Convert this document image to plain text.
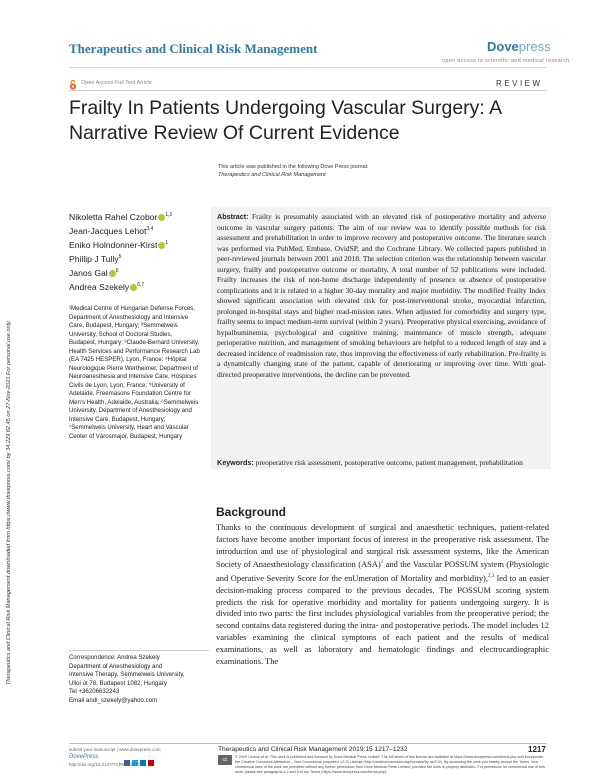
Therapeutics and Clinical Risk Management downloaded from https://www.dovepress.com/ by 34.229.62.45 on 27-Nov-2021 For personal use only.
Therapeutics and Clinical Risk Management	Dovepress
open access to scientific and medical research
Open Access Full Text Article	REVIEW
Frailty In Patients Undergoing Vascular Surgery: A Narrative Review Of Current Evidence
This article was published in the following Dove Press journal:
Therapeutics and Clinical Risk Management
Nikoletta Rahel Czobor $^{1,2}$
Jean-Jacques Lehot$^{3,4}$
Eniko Holndonner-Kirst $^1$
Phillip J Tully$^5$
Janos Gal $^6$
Andrea Szekely $^{6,7}$
¹Medical Centre of Hungarian Defense Forces, Department of Anesthesiology and Intensive Care, Budapest, Hungary; ²Semmelweis University, School of Doctoral Studies, Budapest, Hungary; ³Claude-Bernard University, Health Services and Performance Research Lab (EA 7425 HESPER), Lyon, France; ⁴Hôpital Neurologique Pierre Wertheimer, Department of Neuroanesthesia and Intensive Care, Hospices Civils de Lyon, Lyon, France; ⁵University of Adelaide, Freemasons Foundation Centre for Men's Health, Adelaide, Australia; ⁶Semmelweis University, Department of Anesthesiology and Intensive Care, Budapest, Hungary; ⁷Semmelweis University, Heart and Vascular Center of Városmajor, Budapest, Hungary
Correspondence: Andrea Szekely
Department of Anesthesiology and
Intensive Therapy, Semmelweis University,
Ulloi út 78, Budapest 1082, Hungary
Tel +36206632243
Email andi_szekely@yahoo.com
Abstract: Frailty is presumably associated with an elevated risk of postoperative mortality and adverse outcome in vascular surgery patients. The aim of our review was to identify possible methods for risk assessment and prehabilitation in order to improve recovery and postoperative outcome. The literature search was performed via PubMed, Embase, OvidSP, and the Cochrane Library. We collected papers published in peer-reviewed journals between 2001 and 2018. The selection criterion was the relationship between vascular surgery, frailty and postoperative outcome or mortality. A total number of 52 publications were included. Frailty increases the risk of non-home discharge independently of presence or absence of postoperative complications and it is related to a higher 30-day mortality and major morbidity. The modified Frailty Index showed significant association with elevated risk for post-interventional stroke, myocardial infarction, prolonged in-hospital stays and higher read-mission rates. When adjusted for comorbidity and surgery type, frailty seems to impact medium-term survival (within 2 years). Preoperative physical exercising, avoidance of hypalbuminemia, psychological and cognitive training, maintenance of muscle strength, adequate perioperative nutrition, and management of smoking behaviours are helpful to a reduced length of stay and a decreased incidence of readmission rate, thus improving the effectiveness of early rehabilitation. Pre-frailty is a dynamically changing state of the patient, capable of deteriorating or improving over time. With goal-directed preoperative interventions, the decline can be prevented.
Keywords: preoperative risk assessment, postoperative outcome, patient management, prehabilitation
Background
Thanks to the continuous development of surgical and anaesthetic techniques, patient-related factors have become another important focus of interest in the preoperative risk assessment. The introduction and use of physiological and surgical risk assessment systems, like the American Society of Anaesthesiology classification (ASA)$^1$ and the Vascular POSSUM system (Physiologic and Operative Severity Score for the enUmeration of Mortality and morbidity),$^{2,3}$ led to an easier decision-making process compared to the previous decades. The POSSUM scoring system predicts the risk for operative morbidity and mortality for patients undergoing surgery. It is divided into two parts: the first includes physiological variables from the preoperative period; the second contains data registered during the intra- and postoperative periods. The model includes 12 variables examining the clinical symptoms of each patient and the results of medical examinations, as well as laboratory and hematologic findings and electrocardiographic examinations. The
submit your manuscript | www.dovepress.com
DovePress
http://doi.org/10.2147/TCRM.S217717
Therapeutics and Clinical Risk Management 2019:15 1217–1232	1217
cc	© 2019 Czobor et al. This work is published and licensed by Dove Medical Press Limited. The full terms of this license are available at https://www.dovepress.com/terms.php and incorporate the Creative Commons Attribution – Non Commercial (unported, v3.0) License (http://creativecommons.org/licenses/by-nc/3.0/). By accessing the work you hereby accept the Terms. Non-commercial uses of the work are permitted without any further permission from Dove Medical Press Limited, provided the work is properly attributed. For permission for commercial use of this work, please see paragraphs 4.2 and 5 of our Terms (https://www.dovepress.com/terms.php).
